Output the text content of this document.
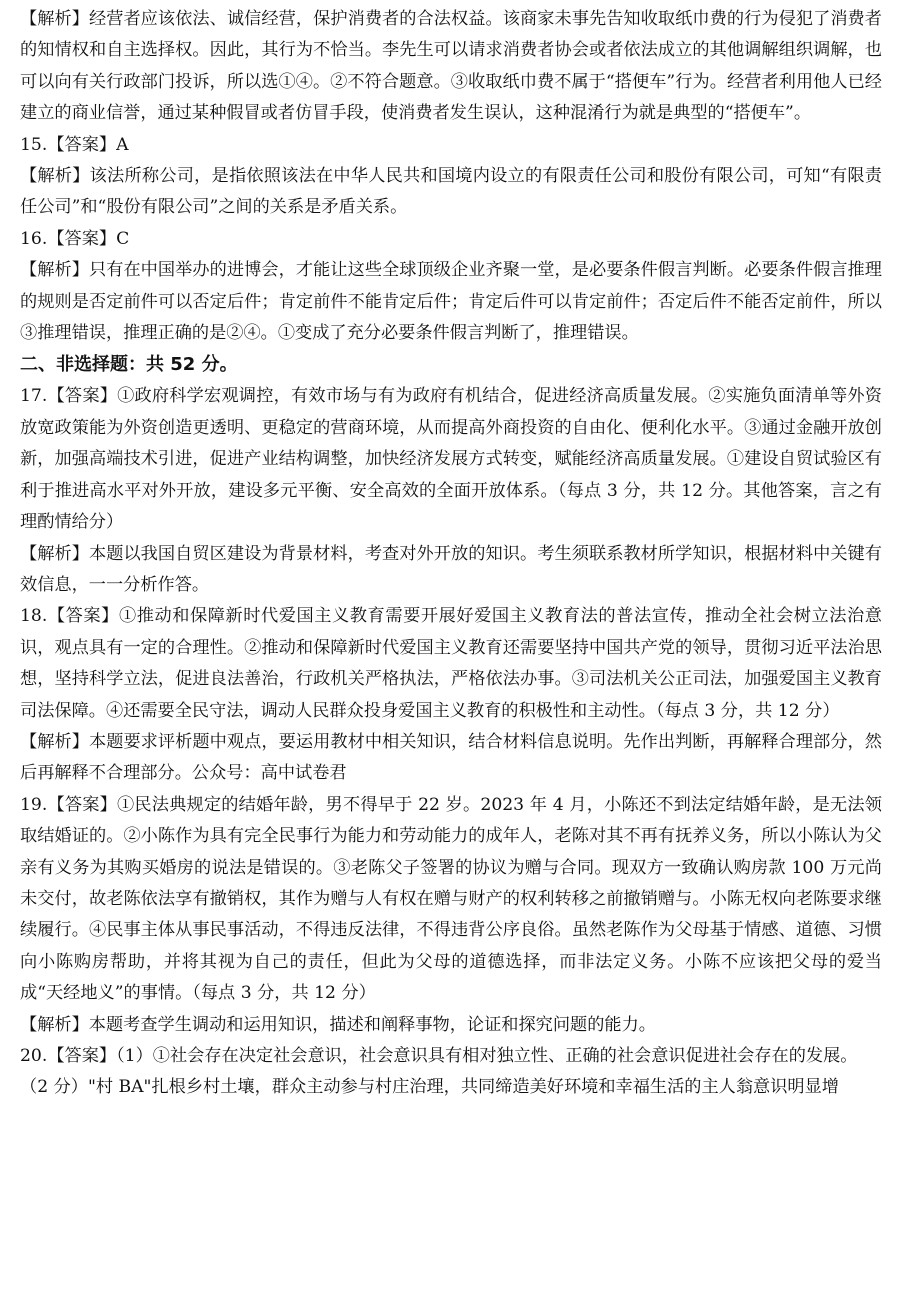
【解析】经营者应该依法、诚信经营，保护消费者的合法权益。该商家未事先告知收取纸巾费的行为侵犯了消费者的知情权和自主选择权。因此，其行为不恰当。李先生可以请求消费者协会或者依法成立的其他调解组织调解，也可以向有关行政部门投诉，所以选①④。②不符合题意。③收取纸巾费不属于“搭便车”行为。经营者利用他人已经建立的商业信誉，通过某种假冒或者仿冒手段，使消费者发生误认，这种混淆行为就是典型的“搭便车”。

15.【答案】A

【解析】该法所称公司，是指依照该法在中华人民共和国境内设立的有限责任公司和股份有限公司，可知“有限责任公司”和“股份有限公司”之间的关系是矛盾关系。

16.【答案】C

【解析】只有在中国举办的进博会，才能让这些全球顶级企业齐聚一堂，是必要条件假言判断。必要条件假言推理的规则是否定前件可以否定后件；肯定前件不能肯定后件；肯定后件可以肯定前件；否定后件不能否定前件，所以③推理错误，推理正确的是②④。①变成了充分必要条件假言判断了，推理错误。

二、非选择题：共 52 分。

17.【答案】①政府科学宏观调控，有效市场与有为政府有机结合，促进经济高质量发展。②实施负面清单等外资放宽政策能为外资创造更透明、更稳定的营商环境，从而提高外商投资的自由化、便利化水平。③通过金融开放创新，加强高端技术引进，促进产业结构调整，加快经济发展方式转变，赋能经济高质量发展。①建设自贸试验区有利于推进高水平对外开放，建设多元平衡、安全高效的全面开放体系。（每点 3 分，共 12 分。其他答案，言之有理酌情给分）

【解析】本题以我国自贸区建设为背景材料，考查对外开放的知识。考生须联系教材所学知识，根据材料中关键有效信息，一一分析作答。

18.【答案】①推动和保障新时代爱国主义教育需要开展好爱国主义教育法的普法宣传，推动全社会树立法治意识，观点具有一定的合理性。②推动和保障新时代爱国主义教育还需要坚持中国共产党的领导，贯彻习近平法治思想，坚持科学立法，促进良法善治，行政机关严格执法，严格依法办事。③司法机关公正司法，加强爱国主义教育司法保障。④还需要全民守法，调动人民群众投身爱国主义教育的积极性和主动性。（每点 3 分，共 12 分）

【解析】本题要求评析题中观点，要运用教材中相关知识，结合材料信息说明。先作出判断，再解释合理部分，然后再解释不合理部分。公众号：高中试卷君

19.【答案】①民法典规定的结婚年龄，男不得早于 22 岁。2023 年 4 月，小陈还不到法定结婚年龄，是无法领取结婚证的。②小陈作为具有完全民事行为能力和劳动能力的成年人，老陈对其不再有抚养义务，所以小陈认为父亲有义务为其购买婚房的说法是错误的。③老陈父子签署的协议为赠与合同。现双方一致确认购房款 100 万元尚未交付，故老陈依法享有撤销权，其作为赠与人有权在赠与财产的权利转移之前撤销赠与。小陈无权向老陈要求继续履行。④民事主体从事民事活动，不得违反法律，不得违背公序良俗。虽然老陈作为父母基于情感、道德、习惯向小陈购房帮助，并将其视为自己的责任，但此为父母的道德选择，而非法定义务。小陈不应该把父母的爱当成“天经地义”的事情。（每点 3 分，共 12 分）

【解析】本题考查学生调动和运用知识，描述和阐释事物，论证和探究问题的能力。

20.【答案】（1）①社会存在决定社会意识，社会意识具有相对独立性、正确的社会意识促进社会存在的发展。

（2 分）"村 BA"扎根乡村土壤，群众主动参与村庄治理，共同缔造美好环境和幸福生活的主人翁意识明显增
